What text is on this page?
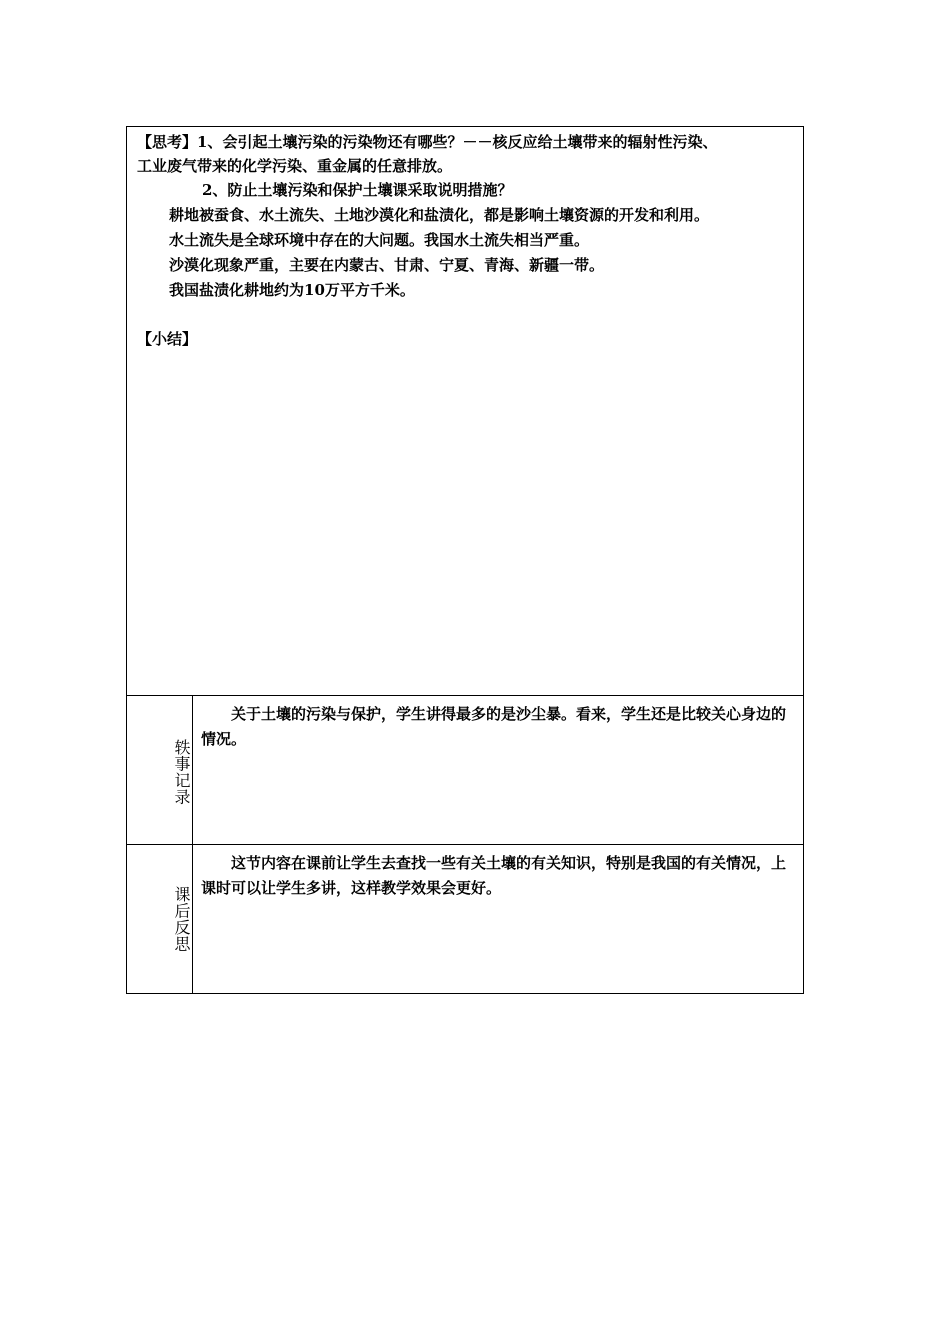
【思考】1、会引起土壤污染的污染物还有哪些？－－核反应给土壤带来的辐射性污染、
工业废气带来的化学污染、重金属的任意排放。
2、防止土壤污染和保护土壤课采取说明措施？
耕地被蚕食、水土流失、土地沙漠化和盐渍化，都是影响土壤资源的开发和利用。
水土流失是全球环境中存在的大问题。我国水土流失相当严重。
沙漠化现象严重，主要在内蒙古、甘肃、宁夏、青海、新疆一带。
我国盐渍化耕地约为10万平方千米。
【小结】
轶事记录

关于土壤的污染与保护，学生讲得最多的是沙尘暴。看来，学生还是比较关心身边的情况。

课后反思

这节内容在课前让学生去查找一些有关土壤的有关知识，特别是我国的有关情况，上课时可以让学生多讲，这样教学效果会更好。
